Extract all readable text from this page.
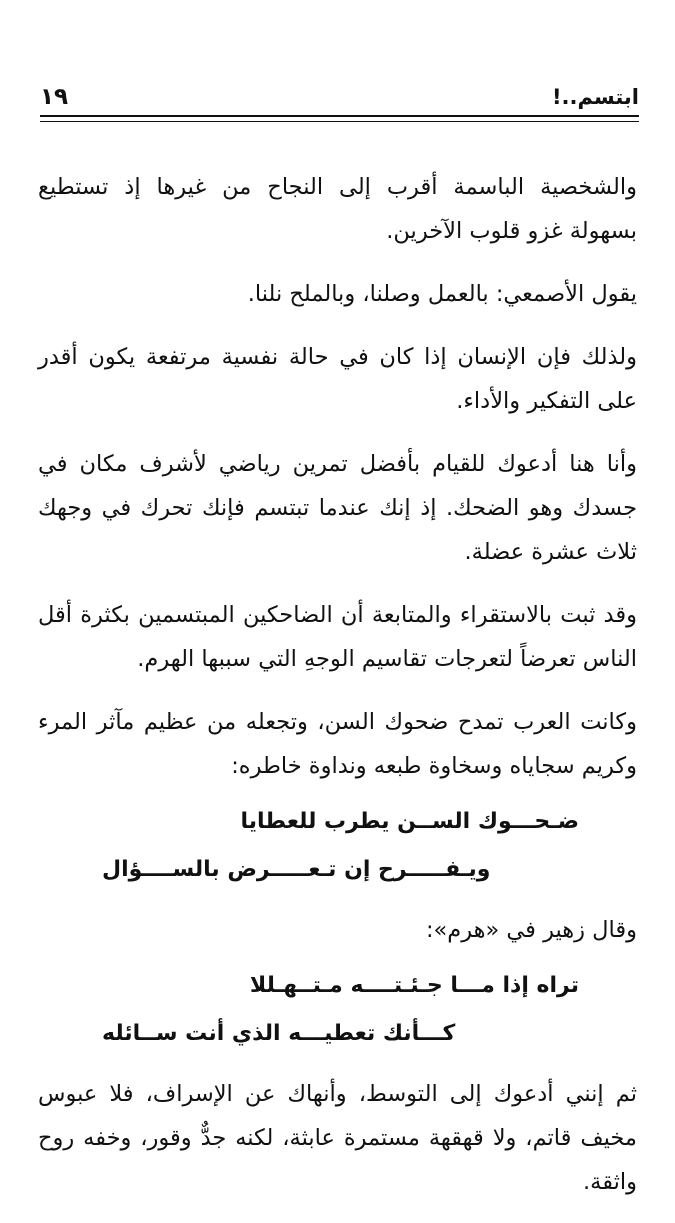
ابتسم..!
١٩

والشخصية الباسمة أقرب إلى النجاح من غيرها إذ تستطيع بسهولة غزو قلوب الآخرين.

يقول الأصمعي: بالعمل وصلنا، وبالملح نلنا.

ولذلك فإن الإنسان إذا كان في حالة نفسية مرتفعة يكون أقدر على التفكير والأداء.

وأنا هنا أدعوك للقيام بأفضل تمرين رياضي لأشرف مكان في جسدك وهو الضحك. إذ إنك عندما تبتسم فإنك تحرك في وجهك ثلاث عشرة عضلة.

وقد ثبت بالاستقراء والمتابعة أن الضاحكين المبتسمين بكثرة أقل الناس تعرضاً لتعرجات تقاسيم الوجهِ التي سببها الهرم.

وكانت العرب تمدح ضحوك السن، وتجعله من عظيم مآثر المرء وكريم سجاياه وسخاوة طبعه ونداوة خاطره:

ضـحـــوك الســن يطرب للعطايا

ويـفـــــرح إن تـعـــــرض بالســــؤال

وقال زهير في «هرم»:

تراه إذا مـــا جـئـتــــه مـتــهـللا

كـــأنك تعطيـــه الذي أنت ســائله

ثم إنني أدعوك إلى التوسط، وأنهاك عن الإسراف، فلا عبوس مخيف قاتم، ولا قهقهة مستمرة عابثة، لكنه جدٌّ وقور، وخفه روح واثقة.
